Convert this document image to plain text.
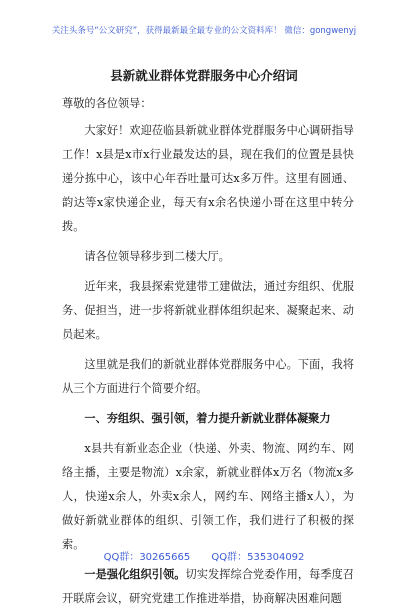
关注头条号“公文研究”，获得最新最全最专业的公文资料库！ 微信：gongwenyj
县新就业群体党群服务中心介绍词

尊敬的各位领导：

大家好！欢迎莅临县新就业群体党群服务中心调研指导工作！x县是x市x行业最发达的县，现在我们的位置是县快递分拣中心，该中心年吞吐量可达x多万件。这里有圆通、韵达等x家快递企业，每天有x余名快递小哥在这里中转分拨。

请各位领导移步到二楼大厅。

近年来，我县探索党建带工建做法，通过夯组织、优服务、促担当，进一步将新就业群体组织起来、凝聚起来、动员起来。

这里就是我们的新就业群体党群服务中心。下面，我将从三个方面进行个简要介绍。

一、夯组织、强引领，着力提升新就业群体凝聚力

x县共有新业态企业（快递、外卖、物流、网约车、网络主播，主要是物流）x余家，新就业群体x万名（物流x多人，快递x余人，外卖x余人，网约车、网络主播x人），为做好新就业群体的组织、引领工作，我们进行了积极的探索。

一是强化组织引领。切实发挥综合党委作用，每季度召开联席会议，研究党建工作推进举措，协商解决困难问题

QQ群：30265665 QQ群：535304092
